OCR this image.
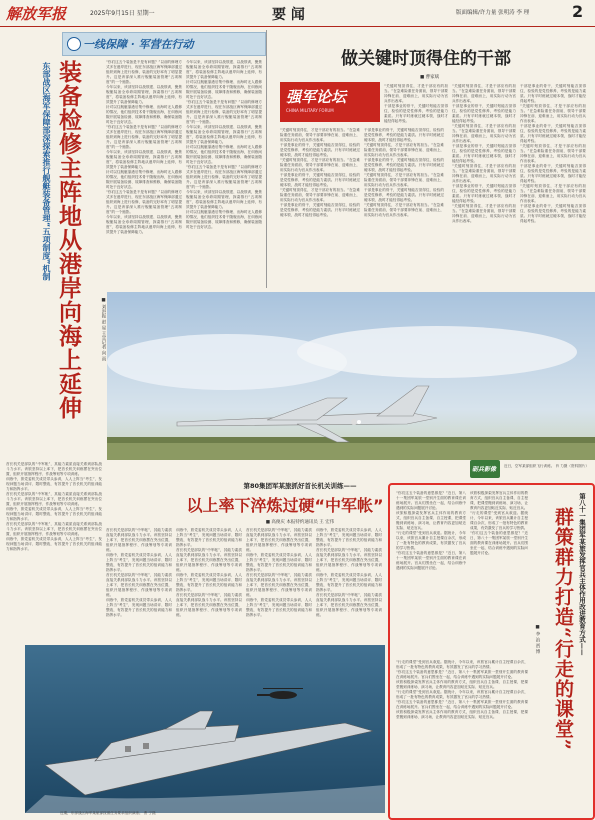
解放军报	2025年9月15日 星期一	要 闻	版面编辑/许力量 张明涛 李 理	2
一线保障 · 军营在行动
东部战区海军保障部深探索推行舰艇装备管理“五项制度”机制 装备检修主阵地从港岸向海上延伸	■ 刘洪振 赵 星 王宣记者 向 雨

“你们这五个装备是不是有问题？”以前的修理方式多在港岸进行，现在东部战区海军保障部通过组织到海上进行检修，装备的完好率有了明显提升。这是该部深入推行舰艇装备管理“五项制度”的一个缩影。

今年以来，该部坚持以战领建、以战领训，聚焦舰艇装备全寿命周期管理，探索推行“五项制度”，将装备检修主阵地从港岸向海上延伸，有效提升了装备保障能力。

针对以往舰艇靠港后集中修理、出海时无人跟修的情况，他们组织技术骨干随舰出海，在训练间隙开展装备检测、故障排查和维修，确保装备随时处于良好状态。

“你们这五个装备是不是有问题？”以前的修理方式多在港岸进行，现在东部战区海军保障部通过组织到海上进行检修，装备的完好率有了明显提升。这是该部深入推行舰艇装备管理“五项制度”的一个缩影。

今年以来，该部坚持以战领建、以战领训，聚焦舰艇装备全寿命周期管理，探索推行“五项制度”，将装备检修主阵地从港岸向海上延伸，有效提升了装备保障能力。

针对以往舰艇靠港后集中修理、出海时无人跟修的情况，他们组织技术骨干随舰出海，在训练间隙开展装备检测、故障排查和维修，确保装备随时处于良好状态。

“你们这五个装备是不是有问题？”以前的修理方式多在港岸进行，现在东部战区海军保障部通过组织到海上进行检修，装备的完好率有了明显提升。这是该部深入推行舰艇装备管理“五项制度”的一个缩影。

今年以来，该部坚持以战领建、以战领训，聚焦舰艇装备全寿命周期管理，探索推行“五项制度”，将装备检修主阵地从港岸向海上延伸，有效提升了装备保障能力。

今年以来，该部坚持以战领建、以战领训，聚焦舰艇装备全寿命周期管理，探索推行“五项制度”，将装备检修主阵地从港岸向海上延伸，有效提升了装备保障能力。

针对以往舰艇靠港后集中修理、出海时无人跟修的情况，他们组织技术骨干随舰出海，在训练间隙开展装备检测、故障排查和维修，确保装备随时处于良好状态。

“你们这五个装备是不是有问题？”以前的修理方式多在港岸进行，现在东部战区海军保障部通过组织到海上进行检修，装备的完好率有了明显提升。这是该部深入推行舰艇装备管理“五项制度”的一个缩影。

今年以来，该部坚持以战领建、以战领训，聚焦舰艇装备全寿命周期管理，探索推行“五项制度”，将装备检修主阵地从港岸向海上延伸，有效提升了装备保障能力。

针对以往舰艇靠港后集中修理、出海时无人跟修的情况，他们组织技术骨干随舰出海，在训练间隙开展装备检测、故障排查和维修，确保装备随时处于良好状态。

“你们这五个装备是不是有问题？”以前的修理方式多在港岸进行，现在东部战区海军保障部通过组织到海上进行检修，装备的完好率有了明显提升。这是该部深入推行舰艇装备管理“五项制度”的一个缩影。

今年以来，该部坚持以战领建、以战领训，聚焦舰艇装备全寿命周期管理，探索推行“五项制度”，将装备检修主阵地从港岸向海上延伸，有效提升了装备保障能力。

针对以往舰艇靠港后集中修理、出海时无人跟修的情况，他们组织技术骨干随舰出海，在训练间隙开展装备检测、故障排查和维修，确保装备随时处于良好状态。

做关键时顶得住的干部
■ 曹家斌
强军论坛
CHINA MILITARY FORUM

“关键时刻顶得住，才是干部应有的担当。”在急难险重任务面前，领导干部要冲锋在前、迎难而上，用实际行动为官兵作出表率。

干部是事业的骨干，关键时刻能否顶得住，检验的是党性修养，考验的是能力素质。只有平时练就过硬本领，战时才能经得起考验。

“关键时刻顶得住，才是干部应有的担当。”在急难险重任务面前，领导干部要冲锋在前、迎难而上，用实际行动为官兵作出表率。

干部是事业的骨干，关键时刻能否顶得住，检验的是党性修养，考验的是能力素质。只有平时练就过硬本领，战时才能经得起考验。

“关键时刻顶得住，才是干部应有的担当。”在急难险重任务面前，领导干部要冲锋在前、迎难而上，用实际行动为官兵作出表率。

干部是事业的骨干，关键时刻能否顶得住，检验的是党性修养，考验的是能力素质。只有平时练就过硬本领，战时才能经得起考验。

“关键时刻顶得住，才是干部应有的担当。”在急难险重任务面前，领导干部要冲锋在前、迎难而上，用实际行动为官兵作出表率。

干部是事业的骨干，关键时刻能否顶得住，检验的是党性修养，考验的是能力素质。只有平时练就过硬本领，战时才能经得起考验。

干部是事业的骨干，关键时刻能否顶得住，检验的是党性修养，考验的是能力素质。只有平时练就过硬本领，战时才能经得起考验。

“关键时刻顶得住，才是干部应有的担当。”在急难险重任务面前，领导干部要冲锋在前、迎难而上，用实际行动为官兵作出表率。

干部是事业的骨干，关键时刻能否顶得住，检验的是党性修养，考验的是能力素质。只有平时练就过硬本领，战时才能经得起考验。

“关键时刻顶得住，才是干部应有的担当。”在急难险重任务面前，领导干部要冲锋在前、迎难而上，用实际行动为官兵作出表率。

干部是事业的骨干，关键时刻能否顶得住，检验的是党性修养，考验的是能力素质。只有平时练就过硬本领，战时才能经得起考验。

“关键时刻顶得住，才是干部应有的担当。”在急难险重任务面前，领导干部要冲锋在前、迎难而上，用实际行动为官兵作出表率。

“关键时刻顶得住，才是干部应有的担当。”在急难险重任务面前，领导干部要冲锋在前、迎难而上，用实际行动为官兵作出表率。

干部是事业的骨干，关键时刻能否顶得住，检验的是党性修养，考验的是能力素质。只有平时练就过硬本领，战时才能经得起考验。

“关键时刻顶得住，才是干部应有的担当。”在急难险重任务面前，领导干部要冲锋在前、迎难而上，用实际行动为官兵作出表率。

干部是事业的骨干，关键时刻能否顶得住，检验的是党性修养，考验的是能力素质。只有平时练就过硬本领，战时才能经得起考验。

“关键时刻顶得住，才是干部应有的担当。”在急难险重任务面前，领导干部要冲锋在前、迎难而上，用实际行动为官兵作出表率。

干部是事业的骨干，关键时刻能否顶得住，检验的是党性修养，考验的是能力素质。只有平时练就过硬本领，战时才能经得起考验。

“关键时刻顶得住，才是干部应有的担当。”在急难险重任务面前，领导干部要冲锋在前、迎难而上，用实际行动为官兵作出表率。

干部是事业的骨干，关键时刻能否顶得住，检验的是党性修养，考验的是能力素质。只有平时练就过硬本领，战时才能经得起考验。

“关键时刻顶得住，才是干部应有的担当。”在急难险重任务面前，领导干部要冲锋在前、迎难而上，用实际行动为官兵作出表率。

干部是事业的骨干，关键时刻能否顶得住，检验的是党性修养，考验的是能力素质。只有平时练就过硬本领，战时才能经得起考验。

“关键时刻顶得住，才是干部应有的担当。”在急难险重任务面前，领导干部要冲锋在前、迎难而上，用实际行动为官兵作出表率。

干部是事业的骨干，关键时刻能否顶得住，检验的是党性修养，考验的是能力素质。只有平时练就过硬本领，战时才能经得起考验。

“关键时刻顶得住，才是干部应有的担当。”在急难险重任务面前，领导干部要冲锋在前、迎难而上，用实际行动为官兵作出表率。

干部是事业的骨干，关键时刻能否顶得住，检验的是党性修养，考验的是能力素质。只有平时练就过硬本领，战时才能经得起考验。

砺兵影像 近日，空军某部组织飞行训练。 肖 力摄（资料图片）
第80集团军某旅抓好首长机关训练——
以上率下淬炼过硬“中军帐”
■ 高俊庆 本报特约通讯员 王 宏伟

首长机关是部队的“中军帐”，其能力素质直接关系到部队战斗力水平。该旅坚持以上率下，把首长机关训练摆在突出位置，组织开展指挥程序、作战筹划等专项训练。

训练中，旅党委机关成员带头参训，人人上阵当“考生”，发现问题当场讲评、限时整改，有效提升了首长机关的组训能力和指挥水平。

首长机关是部队的“中军帐”，其能力素质直接关系到部队战斗力水平。该旅坚持以上率下，把首长机关训练摆在突出位置，组织开展指挥程序、作战筹划等专项训练。

训练中，旅党委机关成员带头参训，人人上阵当“考生”，发现问题当场讲评、限时整改，有效提升了首长机关的组训能力和指挥水平。

首长机关是部队的“中军帐”，其能力素质直接关系到部队战斗力水平。该旅坚持以上率下，把首长机关训练摆在突出位置，组织开展指挥程序、作战筹划等专项训练。

训练中，旅党委机关成员带头参训，人人上阵当“考生”，发现问题当场讲评、限时整改，有效提升了首长机关的组训能力和指挥水平。

首长机关是部队的“中军帐”，其能力素质直接关系到部队战斗力水平。该旅坚持以上率下，把首长机关训练摆在突出位置，组织开展指挥程序、作战筹划等专项训练。

训练中，旅党委机关成员带头参训，人人上阵当“考生”，发现问题当场讲评、限时整改，有效提升了首长机关的组训能力和指挥水平。

首长机关是部队的“中军帐”，其能力素质直接关系到部队战斗力水平。该旅坚持以上率下，把首长机关训练摆在突出位置，组织开展指挥程序、作战筹划等专项训练。

训练中，旅党委机关成员带头参训，人人上阵当“考生”，发现问题当场讲评、限时整改，有效提升了首长机关的组训能力和指挥水平。

训练中，旅党委机关成员带头参训，人人上阵当“考生”，发现问题当场讲评、限时整改，有效提升了首长机关的组训能力和指挥水平。

首长机关是部队的“中军帐”，其能力素质直接关系到部队战斗力水平。该旅坚持以上率下，把首长机关训练摆在突出位置，组织开展指挥程序、作战筹划等专项训练。

训练中，旅党委机关成员带头参训，人人上阵当“考生”，发现问题当场讲评、限时整改，有效提升了首长机关的组训能力和指挥水平。

首长机关是部队的“中军帐”，其能力素质直接关系到部队战斗力水平。该旅坚持以上率下，把首长机关训练摆在突出位置，组织开展指挥程序、作战筹划等专项训练。

首长机关是部队的“中军帐”，其能力素质直接关系到部队战斗力水平。该旅坚持以上率下，把首长机关训练摆在突出位置，组织开展指挥程序、作战筹划等专项训练。

训练中，旅党委机关成员带头参训，人人上阵当“考生”，发现问题当场讲评、限时整改，有效提升了首长机关的组训能力和指挥水平。

首长机关是部队的“中军帐”，其能力素质直接关系到部队战斗力水平。该旅坚持以上率下，把首长机关训练摆在突出位置，组织开展指挥程序、作战筹划等专项训练。

训练中，旅党委机关成员带头参训，人人上阵当“考生”，发现问题当场讲评、限时整改，有效提升了首长机关的组训能力和指挥水平。

训练中，旅党委机关成员带头参训，人人上阵当“考生”，发现问题当场讲评、限时整改，有效提升了首长机关的组训能力和指挥水平。

首长机关是部队的“中军帐”，其能力素质直接关系到部队战斗力水平。该旅坚持以上率下，把首长机关训练摆在突出位置，组织开展指挥程序、作战筹划等专项训练。

训练中，旅党委机关成员带头参训，人人上阵当“考生”，发现问题当场讲评、限时整改，有效提升了首长机关的组训能力和指挥水平。

首长机关是部队的“中军帐”，其能力素质直接关系到部队战斗力水平。该旅坚持以上率下，把首长机关训练摆在突出位置，组织开展指挥程序、作战筹划等专项训练。

近期，东部战区海军某航部按照任务要求组织演练。 曹 宁摄
第八十一集团军某旅发挥官兵主体作用改进教育方式——
群策群力打造“行走的课堂”
■ 李 治 贾 博

“你们这五个装备的意思都是？”近日，第八十一集团军某旅一堂别开生面的教育课在训练场展开。官兵们围坐在一起，结合训练中遇到的实际问题展开讨论。

该旅积极探索发挥官兵主体作用的教育方式，组织官兵自主备课、自主授课，把课堂搬到训练场、演习场，让教育内容更加贴近实际、贴近官兵。

“行走的课堂”受到官兵欢迎。据统计，今年以来，该旅官兵累计自主授课百余次，形成了一批有特色的教育成果，有效激发了官兵的学习热情。

“你们这五个装备的意思都是？”近日，第八十一集团军某旅一堂别开生面的教育课在训练场展开。官兵们围坐在一起，结合训练中遇到的实际问题展开讨论。

该旅积极探索发挥官兵主体作用的教育方式，组织官兵自主备课、自主授课，把课堂搬到训练场、演习场，让教育内容更加贴近实际、贴近官兵。

“行走的课堂”受到官兵欢迎。据统计，今年以来，该旅官兵累计自主授课百余次，形成了一批有特色的教育成果，有效激发了官兵的学习热情。

“你们这五个装备的意思都是？”近日，第八十一集团军某旅一堂别开生面的教育课在训练场展开。官兵们围坐在一起，结合训练中遇到的实际问题展开讨论。

“行走的课堂”受到官兵欢迎。据统计，今年以来，该旅官兵累计自主授课百余次，形成了一批有特色的教育成果，有效激发了官兵的学习热情。

“你们这五个装备的意思都是？”近日，第八十一集团军某旅一堂别开生面的教育课在训练场展开。官兵们围坐在一起，结合训练中遇到的实际问题展开讨论。

该旅积极探索发挥官兵主体作用的教育方式，组织官兵自主备课、自主授课，把课堂搬到训练场、演习场，让教育内容更加贴近实际、贴近官兵。

“行走的课堂”受到官兵欢迎。据统计，今年以来，该旅官兵累计自主授课百余次，形成了一批有特色的教育成果，有效激发了官兵的学习热情。

“你们这五个装备的意思都是？”近日，第八十一集团军某旅一堂别开生面的教育课在训练场展开。官兵们围坐在一起，结合训练中遇到的实际问题展开讨论。

该旅积极探索发挥官兵主体作用的教育方式，组织官兵自主备课、自主授课，把课堂搬到训练场、演习场，让教育内容更加贴近实际、贴近官兵。
